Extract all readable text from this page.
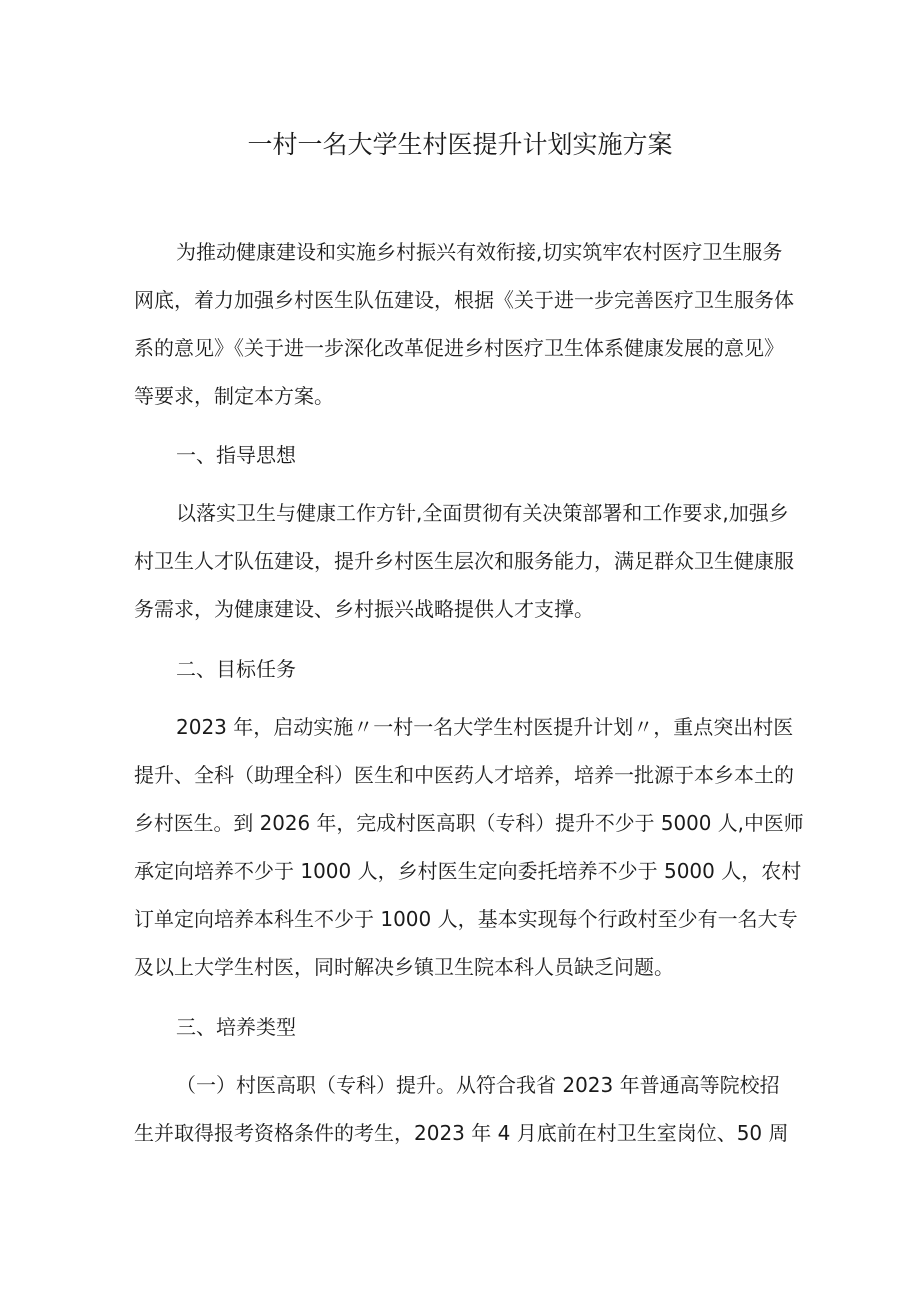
一村一名大学生村医提升计划实施方案

为推动健康建设和实施乡村振兴有效衔接,切实筑牢农村医疗卫生服务

网底，着力加强乡村医生队伍建设，根据《关于进一步完善医疗卫生服务体

系的意见》《关于进一步深化改革促进乡村医疗卫生体系健康发展的意见》

等要求，制定本方案。

一、指导思想

以落实卫生与健康工作方针,全面贯彻有关决策部署和工作要求,加强乡

村卫生人才队伍建设，提升乡村医生层次和服务能力，满足群众卫生健康服

务需求，为健康建设、乡村振兴战略提供人才支撑。

二、目标任务

2023 年，启动实施〃一村一名大学生村医提升计划〃，重点突出村医

提升、全科（助理全科）医生和中医药人才培养，培养一批源于本乡本土的

乡村医生。到 2026 年，完成村医高职（专科）提升不少于 5000 人,中医师

承定向培养不少于 1000 人，乡村医生定向委托培养不少于 5000 人，农村

订单定向培养本科生不少于 1000 人，基本实现每个行政村至少有一名大专

及以上大学生村医，同时解决乡镇卫生院本科人员缺乏问题。

三、培养类型

（一）村医高职（专科）提升。从符合我省 2023 年普通高等院校招

生并取得报考资格条件的考生，2023 年 4 月底前在村卫生室岗位、50 周
